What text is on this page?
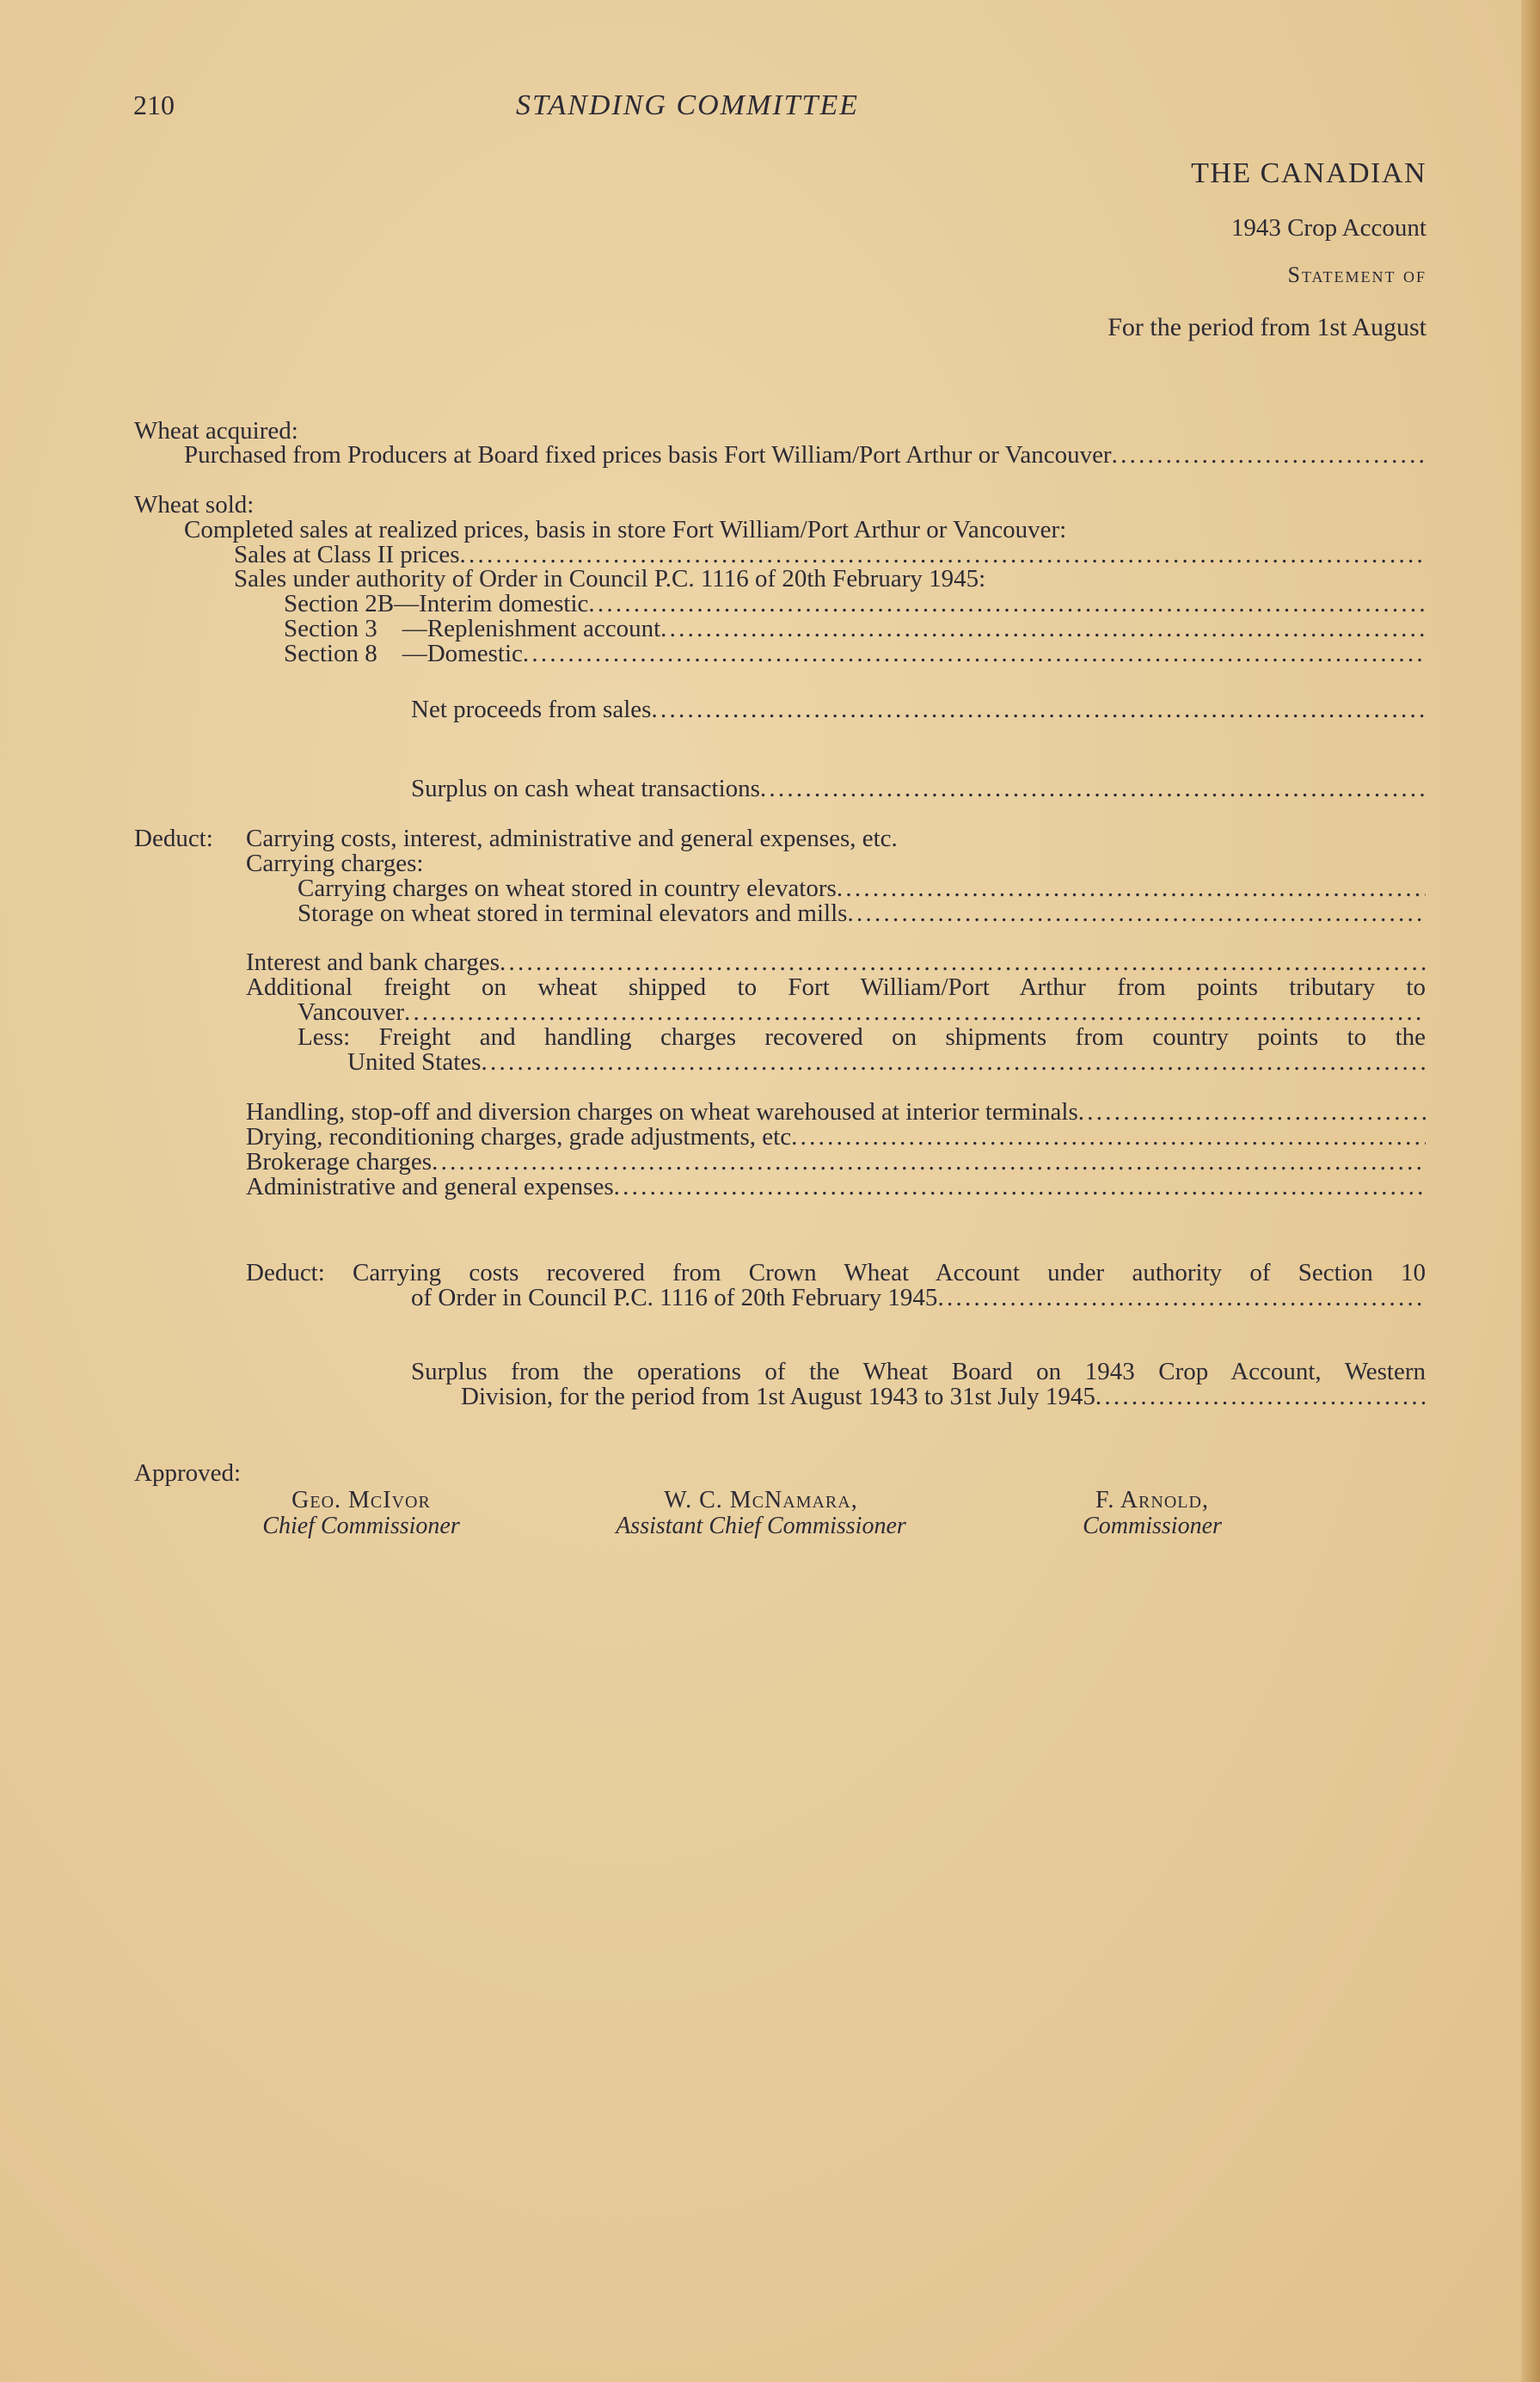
210	STANDING COMMITTEE
THE CANADIAN
1943 Crop Account
Statement of
For the period from 1st August
Wheat acquired:
Purchased from Producers at Board fixed prices basis Fort William/Port Arthur or Vancouver
. . .
Wheat sold:
Completed sales at realized prices, basis in store Fort William/Port Arthur or Vancouver:
Sales at Class II prices
. . .
Sales under authority of Order in Council P.C. 1116 of 20th February 1945:
Section 2B—Interim domestic
. . .
Section 3 —Replenishment account
. . .
Section 8 —Domestic
. . .
Net proceeds from sales
. . .
Surplus on cash wheat transactions
. . .
Deduct: Carrying costs, interest, administrative and general expenses, etc.
Carrying charges:
Carrying charges on wheat stored in country elevators
. . .
Storage on wheat stored in terminal elevators and mills
. . .
Interest and bank charges
. . .
Additional freight on wheat shipped to Fort William/Port Arthur from points tributary to
Vancouver
. . .
Less: Freight and handling charges recovered on shipments from country points to the
United States
. . .
Handling, stop-off and diversion charges on wheat warehoused at interior terminals
. . .
Drying, reconditioning charges, grade adjustments, etc
. . .
Brokerage charges
. . .
Administrative and general expenses
. . .
Deduct: Carrying costs recovered from Crown Wheat Account under authority of Section 10
of Order in Council P.C. 1116 of 20th February 1945
. . .
Surplus from the operations of the Wheat Board on 1943 Crop Account, Western
Division, for the period from 1st August 1943 to 31st July 1945
. . .
Approved:
Geo. McIvor
Chief Commissioner
W. C. McNamara,
Assistant Chief Commissioner
F. Arnold,
Commissioner
